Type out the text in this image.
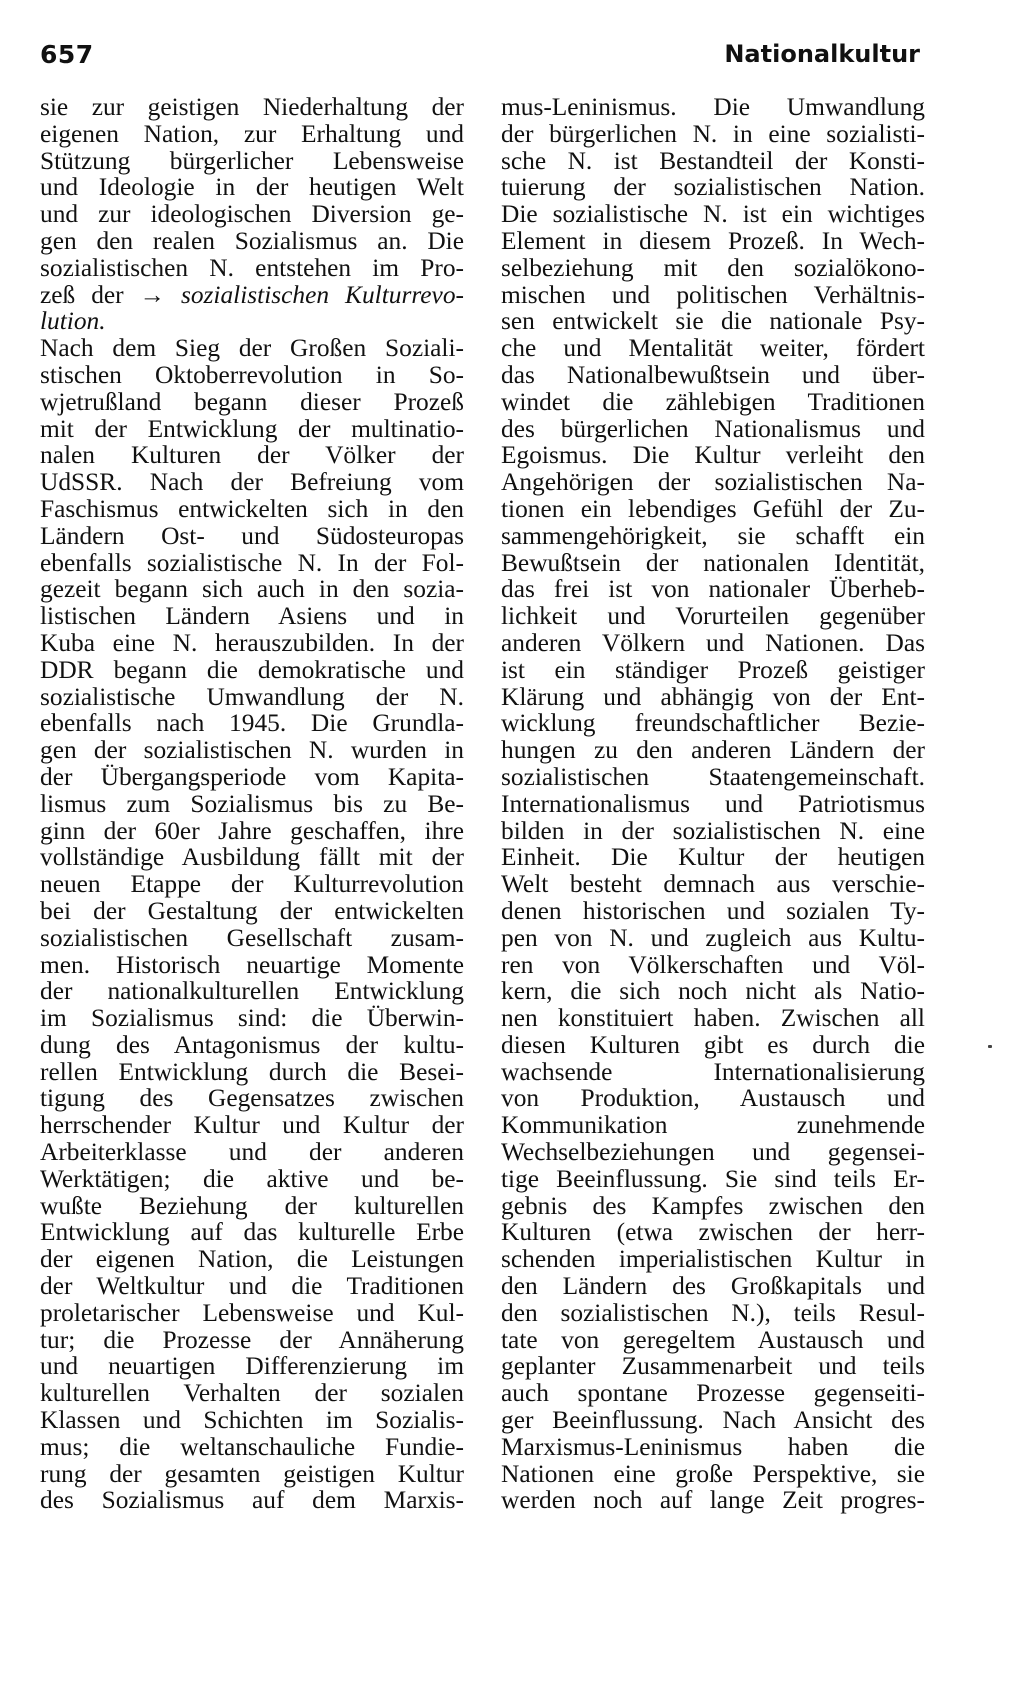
657	Nationalkultur
sie zur geistigen Niederhaltung der
eigenen Nation, zur Erhaltung und
Stützung bürgerlicher Lebensweise
und Ideologie in der heutigen Welt
und zur ideologischen Diversion ge-
gen den realen Sozialismus an. Die
sozialistischen N. entstehen im Pro-
zeß der → sozialistischen Kulturrevo-
lution.
Nach dem Sieg der Großen Soziali-
stischen Oktoberrevolution in So-
wjetrußland begann dieser Prozeß
mit der Entwicklung der multinatio-
nalen Kulturen der Völker der
UdSSR. Nach der Befreiung vom
Faschismus entwickelten sich in den
Ländern Ost- und Südosteuropas
ebenfalls sozialistische N. In der Fol-
gezeit begann sich auch in den sozia-
listischen Ländern Asiens und in
Kuba eine N. herauszubilden. In der
DDR begann die demokratische und
sozialistische Umwandlung der N.
ebenfalls nach 1945. Die Grundla-
gen der sozialistischen N. wurden in
der Übergangsperiode vom Kapita-
lismus zum Sozialismus bis zu Be-
ginn der 60er Jahre geschaffen, ihre
vollständige Ausbildung fällt mit der
neuen Etappe der Kulturrevolution
bei der Gestaltung der entwickelten
sozialistischen Gesellschaft zusam-
men. Historisch neuartige Momente
der nationalkulturellen Entwicklung
im Sozialismus sind: die Überwin-
dung des Antagonismus der kultu-
rellen Entwicklung durch die Besei-
tigung des Gegensatzes zwischen
herrschender Kultur und Kultur der
Arbeiterklasse und der anderen
Werktätigen; die aktive und be-
wußte Beziehung der kulturellen
Entwicklung auf das kulturelle Erbe
der eigenen Nation, die Leistungen
der Weltkultur und die Traditionen
proletarischer Lebensweise und Kul-
tur; die Prozesse der Annäherung
und neuartigen Differenzierung im
kulturellen Verhalten der sozialen
Klassen und Schichten im Sozialis-
mus; die weltanschauliche Fundie-
rung der gesamten geistigen Kultur
des Sozialismus auf dem Marxis-
mus-Leninismus. Die Umwandlung
der bürgerlichen N. in eine sozialisti-
sche N. ist Bestandteil der Konsti-
tuierung der sozialistischen Nation.
Die sozialistische N. ist ein wichtiges
Element in diesem Prozeß. In Wech-
selbeziehung mit den sozialökono-
mischen und politischen Verhältnis-
sen entwickelt sie die nationale Psy-
che und Mentalität weiter, fördert
das Nationalbewußtsein und über-
windet die zählebigen Traditionen
des bürgerlichen Nationalismus und
Egoismus. Die Kultur verleiht den
Angehörigen der sozialistischen Na-
tionen ein lebendiges Gefühl der Zu-
sammengehörigkeit, sie schafft ein
Bewußtsein der nationalen Identität,
das frei ist von nationaler Überheb-
lichkeit und Vorurteilen gegenüber
anderen Völkern und Nationen. Das
ist ein ständiger Prozeß geistiger
Klärung und abhängig von der Ent-
wicklung freundschaftlicher Bezie-
hungen zu den anderen Ländern der
sozialistischen Staatengemeinschaft.
Internationalismus und Patriotismus
bilden in der sozialistischen N. eine
Einheit. Die Kultur der heutigen
Welt besteht demnach aus verschie-
denen historischen und sozialen Ty-
pen von N. und zugleich aus Kultu-
ren von Völkerschaften und Völ-
kern, die sich noch nicht als Natio-
nen konstituiert haben. Zwischen all
diesen Kulturen gibt es durch die
wachsende Internationalisierung
von Produktion, Austausch und
Kommunikation zunehmende
Wechselbeziehungen und gegensei-
tige Beeinflussung. Sie sind teils Er-
gebnis des Kampfes zwischen den
Kulturen (etwa zwischen der herr-
schenden imperialistischen Kultur in
den Ländern des Großkapitals und
den sozialistischen N.), teils Resul-
tate von geregeltem Austausch und
geplanter Zusammenarbeit und teils
auch spontane Prozesse gegenseiti-
ger Beeinflussung. Nach Ansicht des
Marxismus-Leninismus haben die
Nationen eine große Perspektive, sie
werden noch auf lange Zeit progres-
